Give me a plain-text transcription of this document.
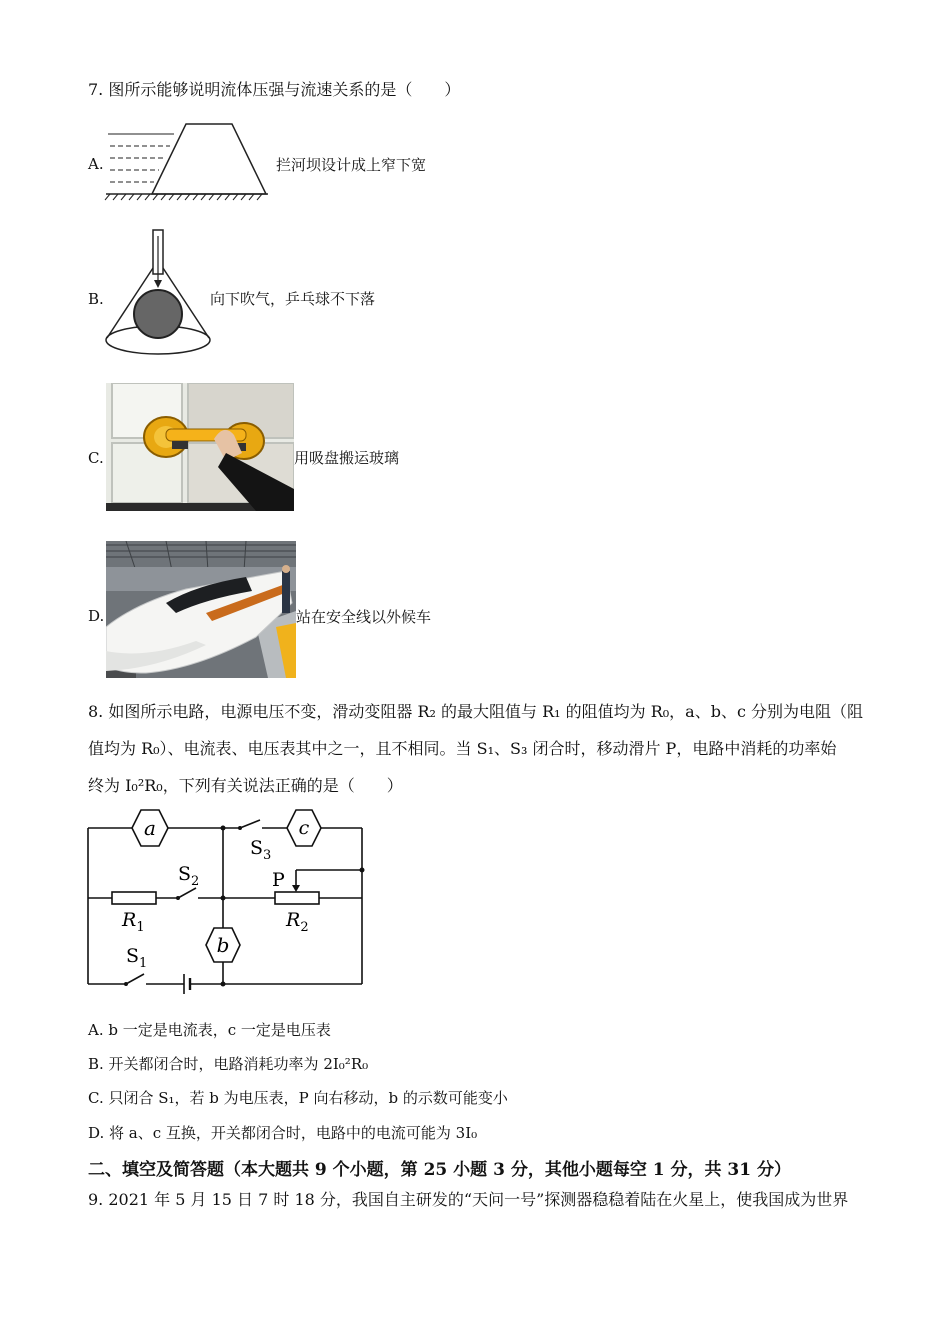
7. 图所示能够说明流体压强与流速关系的是（　　）
A.	拦河坝设计成上窄下宽
B.	向下吹气，乒乓球不下落
C.	用吸盘搬运玻璃
D.	站在安全线以外候车
8. 如图所示电路，电源电压不变，滑动变阻器 R₂ 的最大阻值与 R₁ 的阻值均为 R₀，a、b、c 分别为电阻（阻
值均为 R₀）、电流表、电压表其中之一，且不相同。当 S₁、S₃ 闭合时，移动滑片 P，电路中消耗的功率始
终为 I₀²R₀，下列有关说法正确的是（　　）
a	c
b
$S_3$
$S_2$
$S_1$
$R_1$	$R_2$
P
A. b 一定是电流表，c 一定是电压表
B. 开关都闭合时，电路消耗功率为 2I₀²R₀
C. 只闭合 S₁，若 b 为电压表，P 向右移动，b 的示数可能变小
D. 将 a、c 互换，开关都闭合时，电路中的电流可能为 3I₀
二、填空及简答题（本大题共 9 个小题，第 25 小题 3 分，其他小题每空 1 分，共 31 分）
9. 2021 年 5 月 15 日 7 时 18 分，我国自主研发的“天问一号”探测器稳稳着陆在火星上，使我国成为世界
